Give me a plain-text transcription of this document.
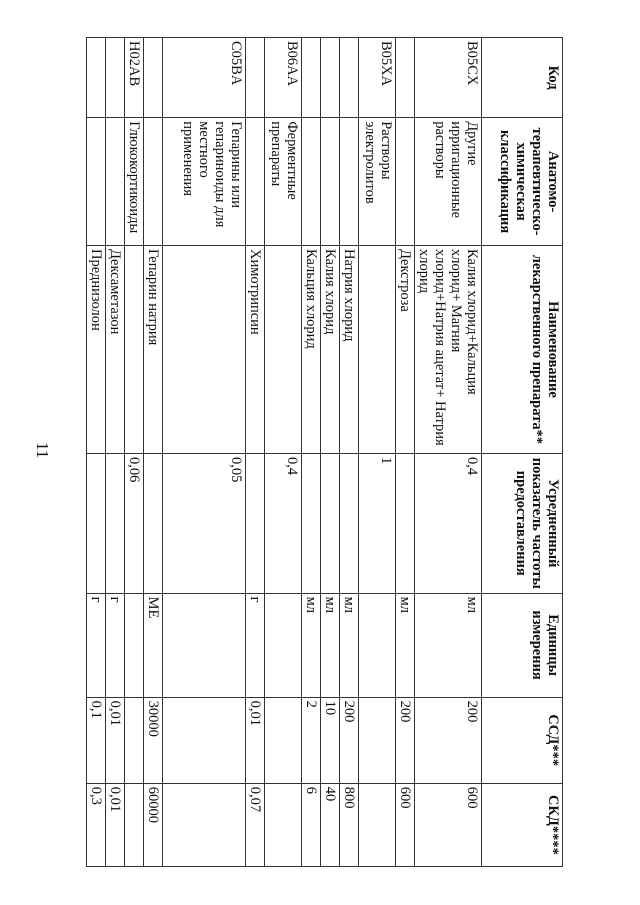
11
Код	Анатомо-терапевтическо-химическая классификация	Наименование лекарственного препарата**	Усредненный показатель частоты предоставления	Единицы измерения	ССД***	СКД****
B05CX	Другие ирригационные растворы	Калия хлорид+Кальция хлорид+ Магния хлорид+Натрия ацетат+ Натрия хлорид	0,4	мл	200	600
		Декстроза		мл	200	600
B05XA	Растворы электролитов		1			
		Натрия хлорид		мл	200	800
		Калия хлорид		мл	10	40
		Кальция хлорид		мл	2	6
B06AA	Ферментные препараты		0,4			
		Химотрипсин		г	0,01	0,07
C05BA	Гепарины или гепариноиды для местного применения		0,05			
		Гепарин натрия		МЕ	30000	60000
H02AB	Глюкокортикоиды		0,06			
		Дексаметазон		г	0,01	0,01
		Преднизолон		г	0,1	0,3
